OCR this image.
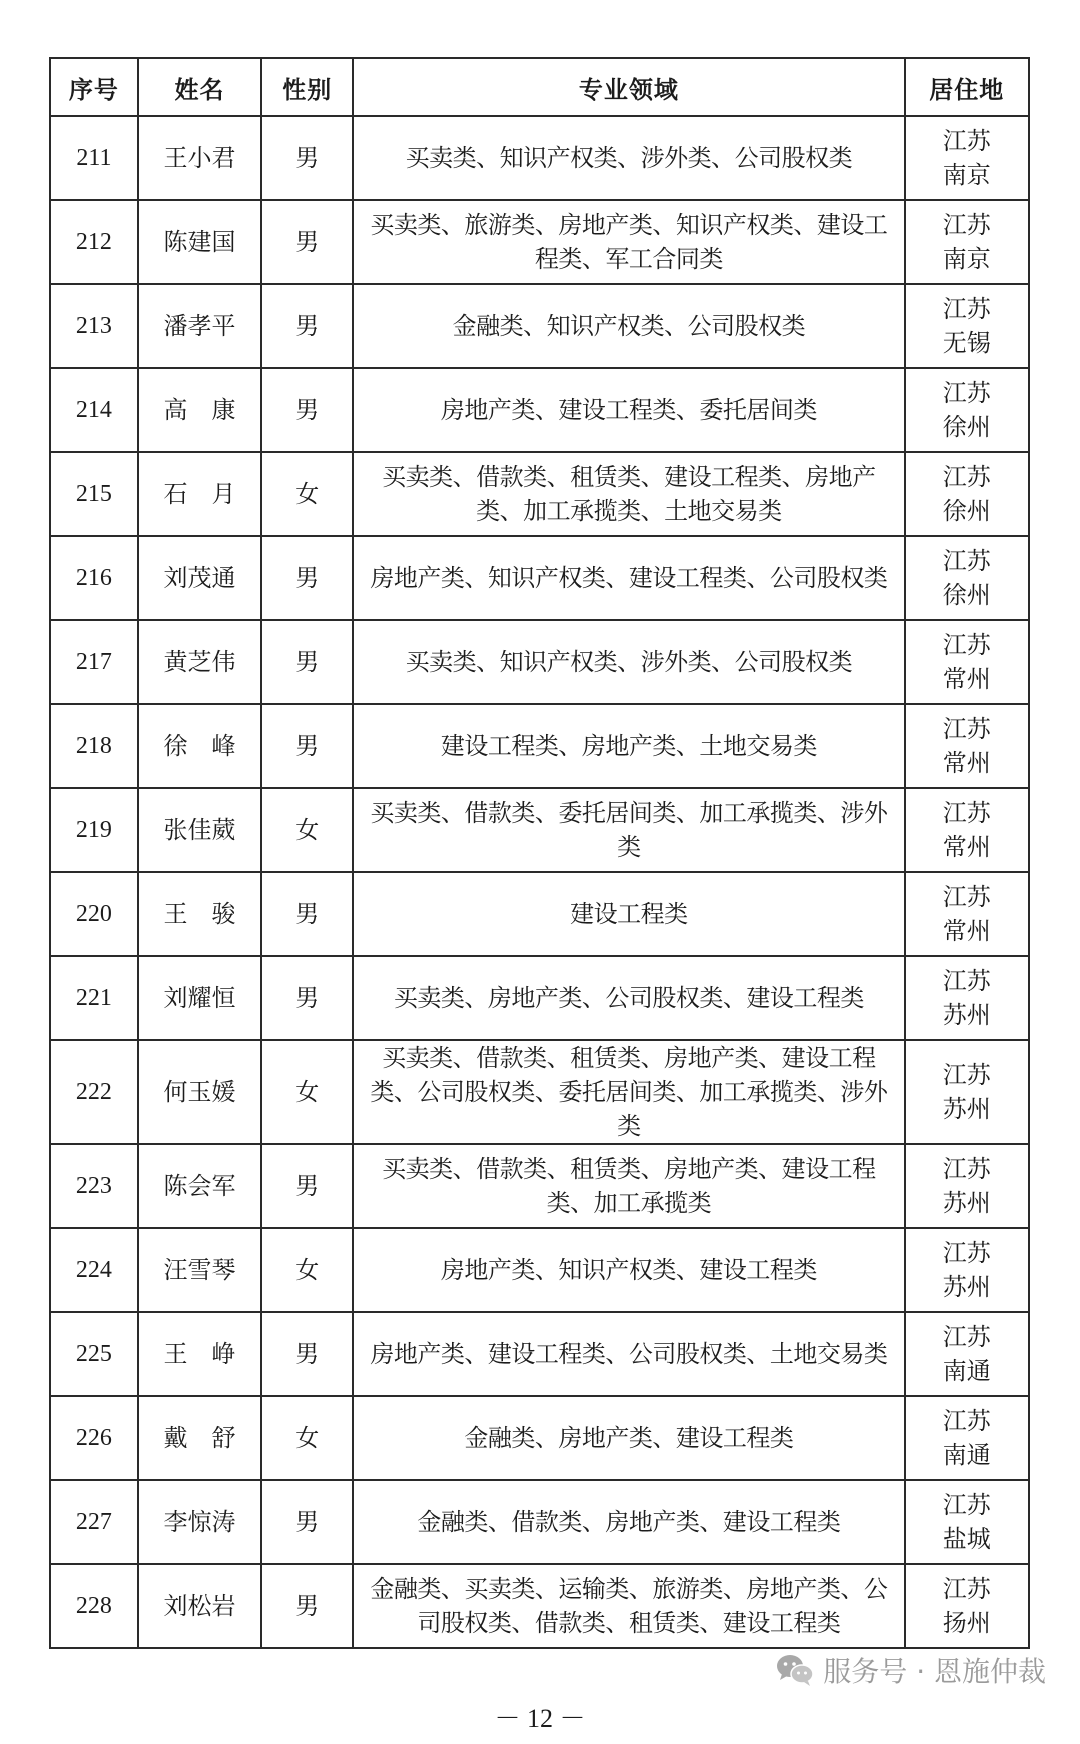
序号	姓名	性别	专业领域	居住地
211	王小君	男	买卖类、知识产权类、涉外类、公司股权类	江苏
南京

212	陈建国	男	买卖类、旅游类、房地产类、知识产权类、建设工程类、军工合同类	江苏
南京

213	潘孝平	男	金融类、知识产权类、公司股权类	江苏
无锡

214	高　康	男	房地产类、建设工程类、委托居间类	江苏
徐州

215	石　月	女	买卖类、借款类、租赁类、建设工程类、房地产类、加工承揽类、土地交易类	江苏
徐州

216	刘茂通	男	房地产类、知识产权类、建设工程类、公司股权类	江苏
徐州

217	黄芝伟	男	买卖类、知识产权类、涉外类、公司股权类	江苏
常州

218	徐　峰	男	建设工程类、房地产类、土地交易类	江苏
常州

219	张佳葳	女	买卖类、借款类、委托居间类、加工承揽类、涉外类	江苏
常州

220	王　骏	男	建设工程类	江苏
常州

221	刘耀恒	男	买卖类、房地产类、公司股权类、建设工程类	江苏
苏州

222	何玉媛	女	买卖类、借款类、租赁类、房地产类、建设工程类、公司股权类、委托居间类、加工承揽类、涉外类	江苏
苏州

223	陈会军	男	买卖类、借款类、租赁类、房地产类、建设工程类、加工承揽类	江苏
苏州

224	汪雪琴	女	房地产类、知识产权类、建设工程类	江苏
苏州

225	王　峥	男	房地产类、建设工程类、公司股权类、土地交易类	江苏
南通

226	戴　舒	女	金融类、房地产类、建设工程类	江苏
南通

227	李惊涛	男	金融类、借款类、房地产类、建设工程类	江苏
盐城

228	刘松岩	男	金融类、买卖类、运输类、旅游类、房地产类、公司股权类、借款类、租赁类、建设工程类	江苏
扬州
服务号 · 恩施仲裁
－ 12 －
